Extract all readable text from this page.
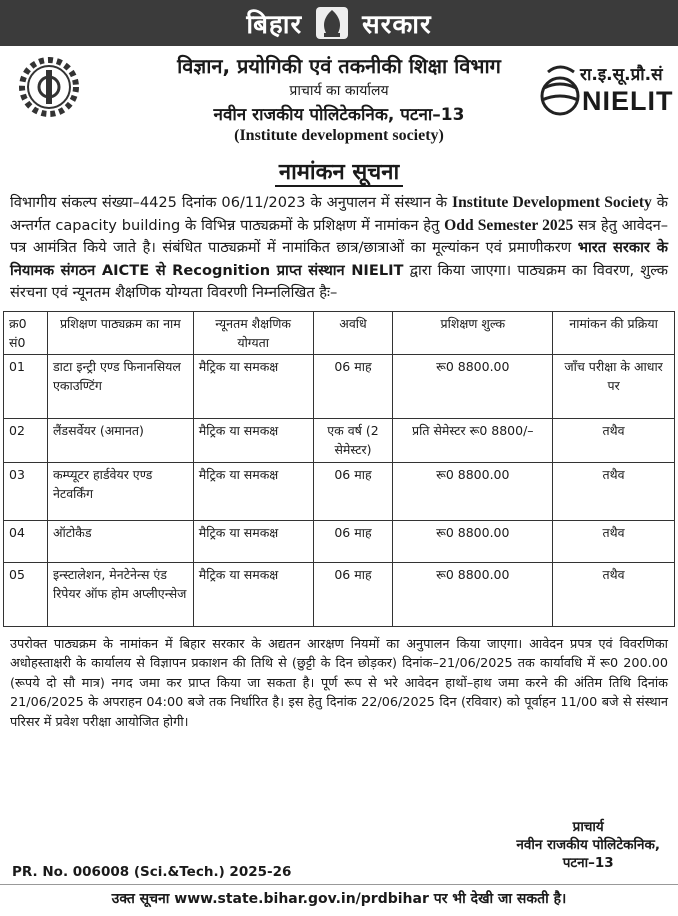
बिहार सरकार
रा.इ.सू.प्रौ.सं
NIELIT
विज्ञान, प्रयोगिकी एवं तकनीकी शिक्षा विभाग
प्राचार्य का कार्यालय
नवीन राजकीय पोलिटेकनिक, पटना–13
(Institute development society)
नामांकन सूचना
विभागीय संकल्प संख्या–4425 दिनांक 06/11/2023 के अनुपालन में संस्थान के Institute Development Society के अन्तर्गत capacity building के विभिन्न पाठ्यक्रमों के प्रशिक्षण में नामांकन हेतु Odd Semester 2025 सत्र हेतु आवेदन–पत्र आमंत्रित किये जाते है। संबंधित पाठ्यक्रमों में नामांकित छात्र/छात्राओं का मूल्यांकन एवं प्रमाणीकरण भारत सरकार के नियामक संगठन AICTE से Recognition प्राप्त संस्थान NIELIT द्वारा किया जाएगा। पाठ्यक्रम का विवरण, शुल्क संरचना एवं न्यूनतम शैक्षणिक योग्यता विवरणी निम्नलिखित हैः–
क्र0 सं0	प्रशिक्षण पाठ्यक्रम का नाम	न्यूनतम शैक्षणिक योग्यता	अवधि	प्रशिक्षण शुल्क	नामांकन की प्रक्रिया
01	डाटा इन्ट्री एण्ड फिनानसियल एकाउण्टिंग	मैट्रिक या समकक्ष	06 माह	रू0 8800.00	जाँच परीक्षा के आधार पर
02	लैंडसर्वेयर (अमानत)	मैट्रिक या समकक्ष	एक वर्ष (2 सेमेस्टर)	प्रति सेमेस्टर रू0 8800/–	तथैव
03	कम्प्यूटर हार्डवेयर एण्ड नेटवर्किंग	मैट्रिक या समकक्ष	06 माह	रू0 8800.00	तथैव
04	ऑटोकैड	मैट्रिक या समकक्ष	06 माह	रू0 8800.00	तथैव
05	इन्स्टालेशन, मेनटेनेन्स एंड रिपेयर ऑफ होम अप्लीएन्सेज	मैट्रिक या समकक्ष	06 माह	रू0 8800.00	तथैव
उपरोक्त पाठ्यक्रम के नामांकन में बिहार सरकार के अद्यतन आरक्षण नियमों का अनुपालन किया जाएगा। आवेदन प्रपत्र एवं विवरणिका अधोहस्ताक्षरी के कार्यालय से विज्ञापन प्रकाशन की तिथि से (छुट्टी के दिन छोड़कर) दिनांक–21/06/2025 तक कार्यावधि में रू0 200.00 (रूपये दो सौ मात्र) नगद जमा कर प्राप्त किया जा सकता है। पूर्ण रूप से भरे आवेदन हाथों–हाथ जमा करने की अंतिम तिथि दिनांक 21/06/2025 के अपराहन 04:00 बजे तक निर्धारित है। इस हेतु दिनांक 22/06/2025 दिन (रविवार) को पूर्वाहन 11/00 बजे से संस्थान परिसर में प्रवेश परीक्षा आयोजित होगी।
प्राचार्य
नवीन राजकीय पोलिटेकनिक,
पटना–13
PR. No. 006008 (Sci.&Tech.) 2025-26
उक्त सूचना www.state.bihar.gov.in/prdbihar पर भी देखी जा सकती है।
